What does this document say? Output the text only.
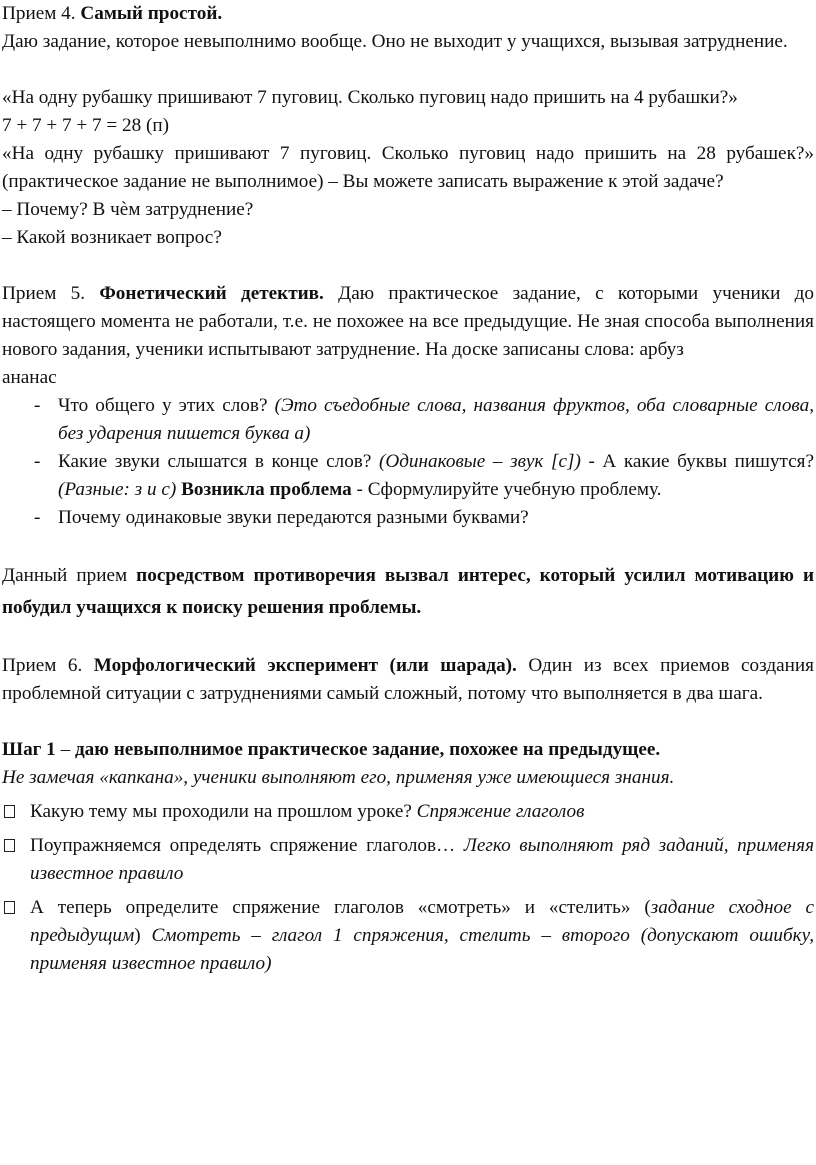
Прием 4. Самый простой.

Даю задание, которое невыполнимо вообще. Оно не выходит у учащихся, вызывая затруднение.

«На одну рубашку пришивают 7 пуговиц. Сколько пуговиц надо пришить на 4 рубашки?»

7 + 7 + 7 + 7 = 28 (п)

«На одну рубашку пришивают 7 пуговиц. Сколько пуговиц надо пришить на 28 рубашек?» (практическое задание не выполнимое) – Вы можете записать выражение к этой задаче?

– Почему? В чѐм затруднение?

– Какой возникает вопрос?

Прием 5. Фонетический детектив. Даю практическое задание, с которыми ученики до настоящего момента не работали, т.е. не похожее на все предыдущие. Не зная способа выполнения нового задания, ученики испытывают затруднение. На доске записаны слова: арбуз

ананас

- Что общего у этих слов? (Это съедобные слова, названия фруктов, оба словарные слова, без ударения пишется буква а)
- Какие звуки слышатся в конце слов? (Одинаковые – звук [с]) - А какие буквы пишутся? (Разные: з и с) Возникла проблема - Сформулируйте учебную проблему.
- Почему одинаковые звуки передаются разными буквами?

Данный прием посредством противоречия вызвал интерес, который усилил мотивацию и побудил учащихся к поиску решения проблемы.

Прием 6. Морфологический эксперимент (или шарада). Один из всех приемов создания проблемной ситуации с затруднениями самый сложный, потому что выполняется в два шага.

Шаг 1 – даю невыполнимое практическое задание, похожее на предыдущее.

Не замечая «капкана», ученики выполняют его, применяя уже имеющиеся знания.

Какую тему мы проходили на прошлом уроке? Спряжение глаголов
Поупражняемся определять спряжение глаголов… Легко выполняют ряд заданий, применяя известное правило
А теперь определите спряжение глаголов «смотреть» и «стелить» (задание сходное с предыдущим) Смотреть – глагол 1 спряжения, стелить – второго (допускают ошибку, применяя известное правило)
